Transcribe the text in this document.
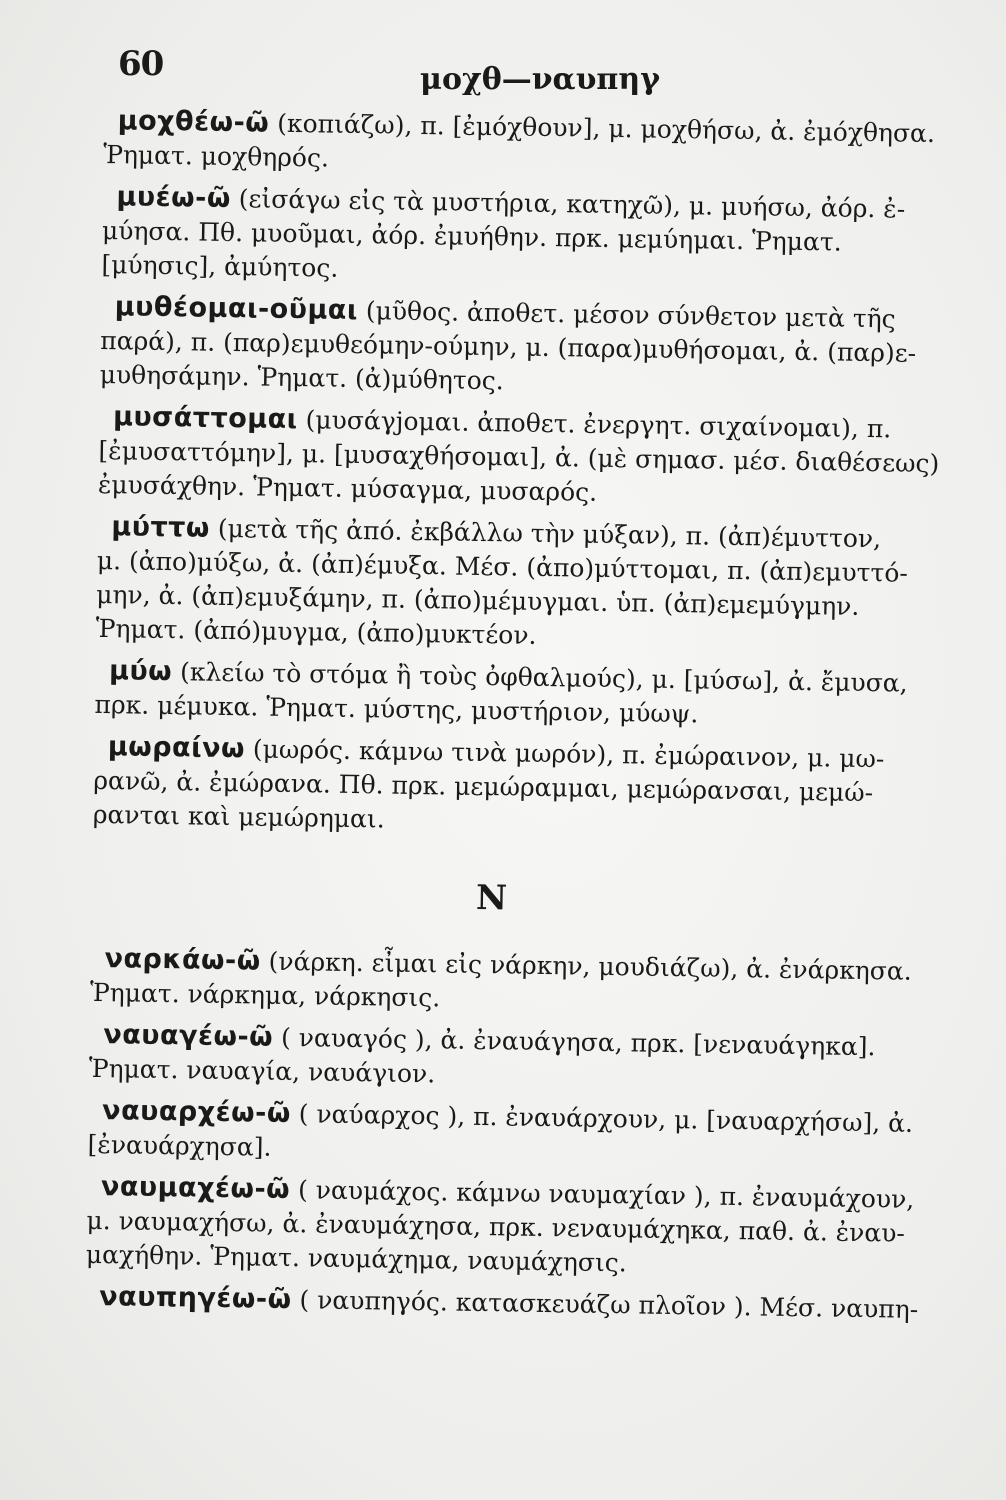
60	μοχθ—ναυπηγ
μοχθέω-ῶ (κοπιάζω), π. [ἐμόχθουν], μ. μοχθήσω, ἀ. ἐμόχθησα.
Ῥηματ. μοχθηρός.
μυέω-ῶ (εἰσάγω εἰς τὰ μυστήρια, κατηχῶ), μ. μυήσω, ἀόρ. ἐ-
μύησα. Πθ. μυοῦμαι, ἀόρ. ἐμυήθην. πρκ. μεμύημαι. Ῥηματ.
[μύησις], ἀμύητος.
μυθέομαι-οῦμαι (μῦθος. ἀποθετ. μέσον σύνθετον μετὰ τῆς
παρά), π. (παρ)εμυθεόμην-ούμην, μ. (παρα)μυθήσομαι, ἀ. (παρ)ε-
μυθησάμην. Ῥηματ. (ἀ)μύθητος.
μυσάττομαι (μυσάγjομαι. ἀποθετ. ἐνεργητ. σιχαίνομαι), π.
[ἐμυσαττόμην], μ. [μυσαχθήσομαι], ἀ. (μὲ σημασ. μέσ. διαθέσεως)
ἐμυσάχθην. Ῥηματ. μύσαγμα, μυσαρός.
μύττω (μετὰ τῆς ἀπό. ἐκβάλλω τὴν μύξαν), π. (ἀπ)έμυττον,
μ. (ἀπο)μύξω, ἀ. (ἀπ)έμυξα. Μέσ. (ἀπο)μύττομαι, π. (ἀπ)εμυττό-
μην, ἀ. (ἀπ)εμυξάμην, π. (ἀπο)μέμυγμαι. ὑπ. (ἀπ)εμεμύγμην.
Ῥηματ. (ἀπό)μυγμα, (ἀπο)μυκτέον.
μύω (κλείω τὸ στόμα ἢ τοὺς ὀφθαλμούς), μ. [μύσω], ἀ. ἔμυσα,
πρκ. μέμυκα. Ῥηματ. μύστης, μυστήριον, μύωψ.
μωραίνω (μωρός. κάμνω τινὰ μωρόν), π. ἐμώραινον, μ. μω-
ρανῶ, ἀ. ἐμώρανα. Πθ. πρκ. μεμώραμμαι, μεμώρανσαι, μεμώ-
ρανται καὶ μεμώρημαι.
Ν
ναρκάω-ῶ (νάρκη. εἶμαι εἰς νάρκην, μουδιάζω), ἀ. ἐνάρκησα.
Ῥηματ. νάρκημα, νάρκησις.
ναυαγέω-ῶ ( ναυαγός ), ἀ. ἐναυάγησα, πρκ. [νεναυάγηκα].
Ῥηματ. ναυαγία, ναυάγιον.
ναυαρχέω-ῶ ( ναύαρχος ), π. ἐναυάρχουν, μ. [ναυαρχήσω], ἀ.
[ἐναυάρχησα].
ναυμαχέω-ῶ ( ναυμάχος. κάμνω ναυμαχίαν ), π. ἐναυμάχουν,
μ. ναυμαχήσω, ἀ. ἐναυμάχησα, πρκ. νεναυμάχηκα, παθ. ἀ. ἐναυ-
μαχήθην. Ῥηματ. ναυμάχημα, ναυμάχησις.
ναυπηγέω-ῶ ( ναυπηγός. κατασκευάζω πλοῖον ). Μέσ. ναυπη-
